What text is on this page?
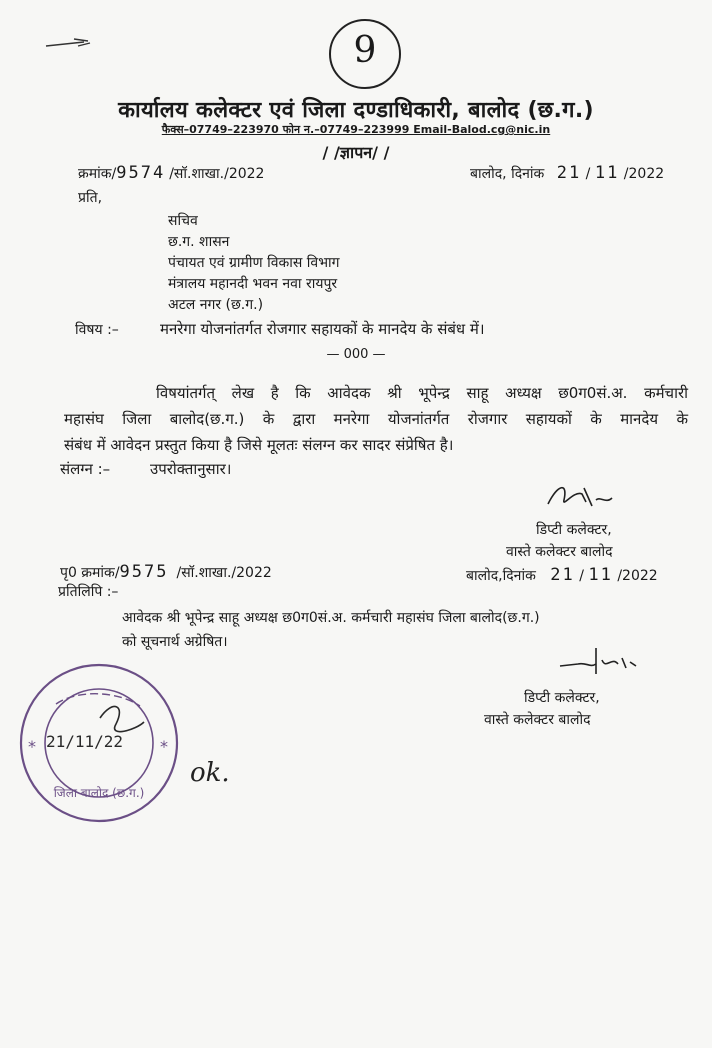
9
कार्यालय कलेक्टर एवं जिला दण्डाधिकारी, बालोद (छ.ग.)
फैक्स–07749–223970 फोन न.–07749–223999 Email-Balod.cg@nic.in
/ /ज्ञापन/ /
क्रमांक/9574 /सॉ.शाखा./2022	बालोद, दिनांक 21 / 11 /2022
प्रति,
सचिव
छ.ग. शासन
पंचायत एवं ग्रामीण विकास विभाग
मंत्रालय महानदी भवन नवा रायपुर
अटल नगर (छ.ग.)
विषय :–	मनरेगा योजनांतर्गत रोजगार सहायकों के मानदेय के संबंध में।
— 000 —
विषयांतर्गत् लेख है कि आवेदक श्री भूपेन्द्र साहू अध्यक्ष छ0ग0सं.अ. कर्मचारी
महासंघ जिला बालोद(छ.ग.) के द्वारा मनरेगा योजनांतर्गत रोजगार सहायकों के मानदेय के
संबंध में आवेदन प्रस्तुत किया है जिसे मूलतः संलग्न कर सादर संप्रेषित है।
संलग्न :–	उपरोक्तानुसार।
डिप्टी कलेक्टर,
वास्ते कलेक्टर बालोद
पृ0 क्रमांक/9575 /सॉ.शाखा./2022	बालोद,दिनांक 21 / 11 /2022
प्रतिलिपि :–
आवेदक श्री भूपेन्द्र साहू अध्यक्ष छ0ग0सं.अ. कर्मचारी महासंघ जिला बालोद(छ.ग.)
को सूचनार्थ अग्रेषित।
डिप्टी कलेक्टर,
वास्ते कलेक्टर बालोद
*	*
21/11/22
जिला बालोद (छ.ग.)
ok.
